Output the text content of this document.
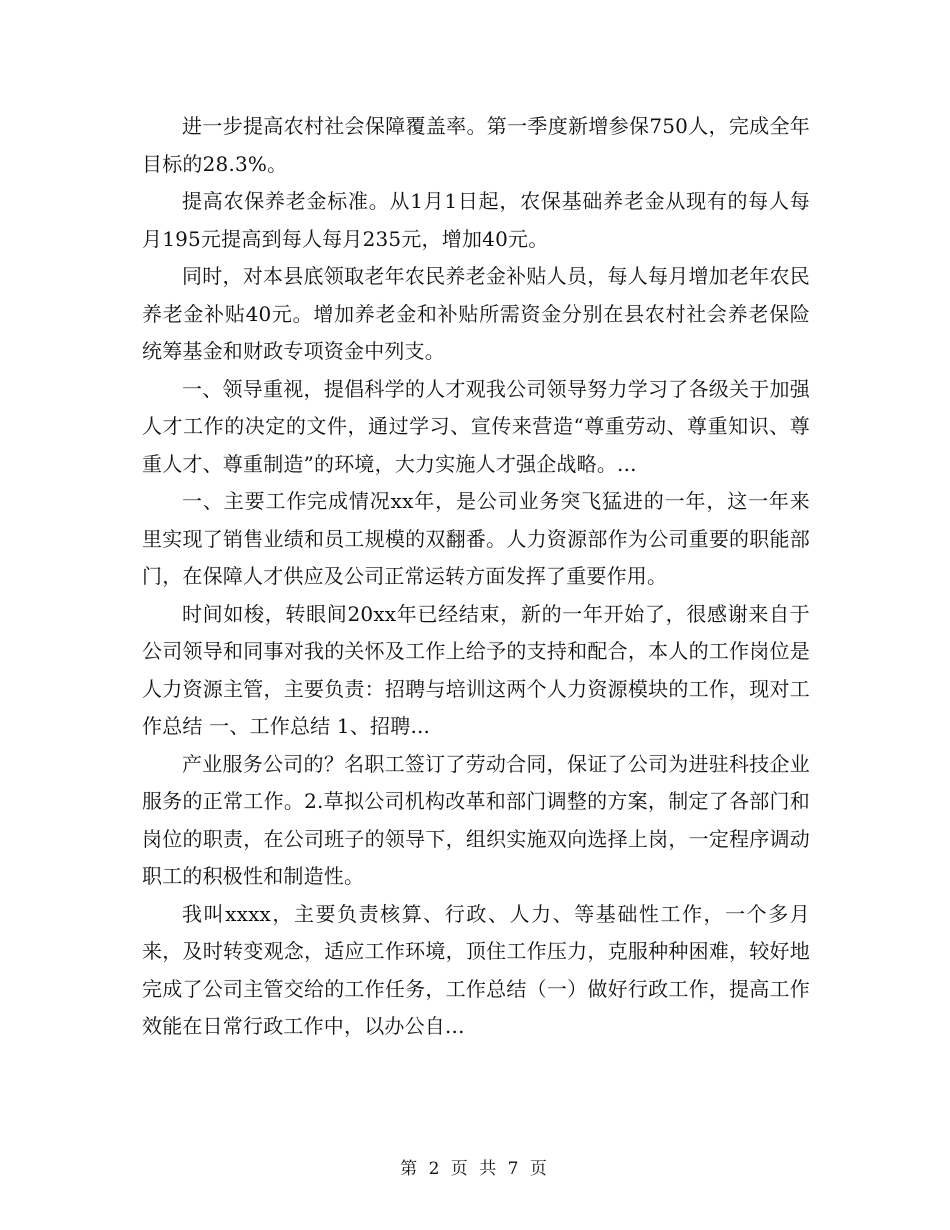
进一步提高农村社会保障覆盖率。第一季度新增参保750人，完成全年目标的28.3%。

提高农保养老金标准。从1月1日起，农保基础养老金从现有的每人每月195元提高到每人每月235元，增加40元。

同时，对本县底领取老年农民养老金补贴人员，每人每月增加老年农民养老金补贴40元。增加养老金和补贴所需资金分别在县农村社会养老保险统筹基金和财政专项资金中列支。

一、领导重视，提倡科学的人才观我公司领导努力学习了各级关于加强人才工作的决定的文件，通过学习、宣传来营造“尊重劳动、尊重知识、尊重人才、尊重制造”的环境，大力实施人才强企战略。...

一、主要工作完成情况xx年，是公司业务突飞猛进的一年，这一年来里实现了销售业绩和员工规模的双翻番。人力资源部作为公司重要的职能部门，在保障人才供应及公司正常运转方面发挥了重要作用。

时间如梭，转眼间20xx年已经结束，新的一年开始了，很感谢来自于公司领导和同事对我的关怀及工作上给予的支持和配合，本人的工作岗位是人力资源主管，主要负责：招聘与培训这两个人力资源模块的工作，现对工作总结 一、工作总结 1、招聘...

产业服务公司的？名职工签订了劳动合同，保证了公司为进驻科技企业服务的正常工作。2.草拟公司机构改革和部门调整的方案，制定了各部门和岗位的职责，在公司班子的领导下，组织实施双向选择上岗，一定程序调动职工的积极性和制造性。

我叫xxxx，主要负责核算、行政、人力、等基础性工作，一个多月来，及时转变观念，适应工作环境，顶住工作压力，克服种种困难，较好地完成了公司主管交给的工作任务，工作总结（一）做好行政工作，提高工作效能在日常行政工作中，以办公自...

第 2 页 共 7 页
